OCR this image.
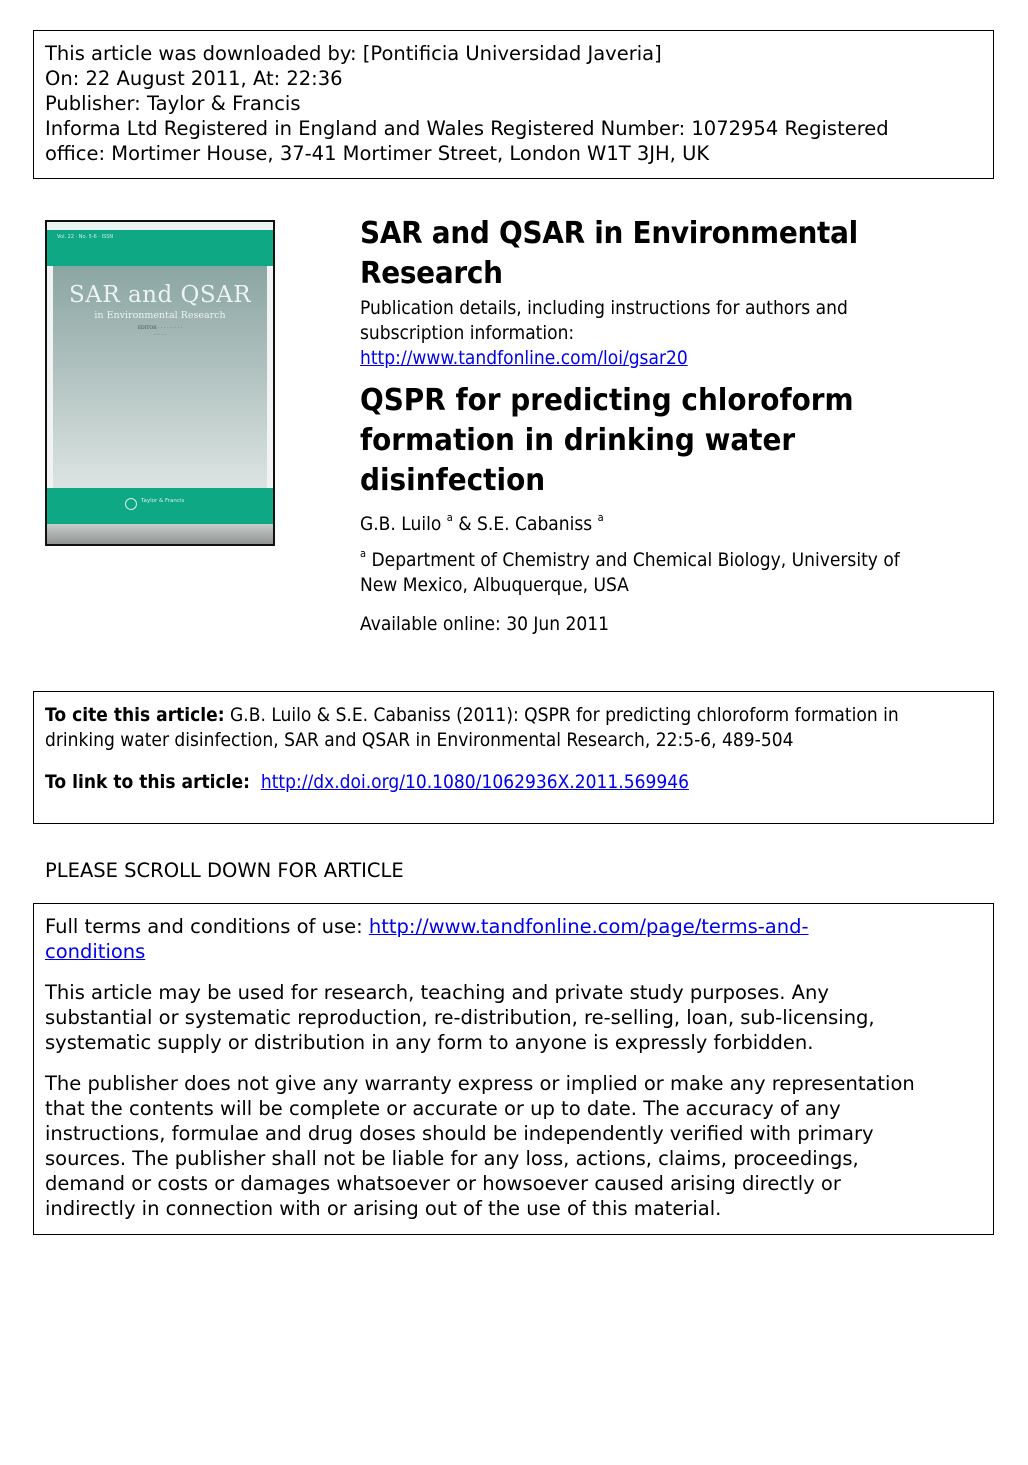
This article was downloaded by: [Pontificia Universidad Javeria]
On: 22 August 2011, At: 22:36
Publisher: Taylor & Francis
Informa Ltd Registered in England and Wales Registered Number: 1072954 Registered
office: Mortimer House, 37-41 Mortimer Street, London W1T 3JH, UK
Vol. 22 · No. 5-6 · ISSN
SAR and QSAR
in Environmental Research
EDITOR · · · · · · · · ·
· · · · ·
Taylor & Francis
SAR and QSAR in Environmental
Research
Publication details, including instructions for authors and
subscription information:
http://www.tandfonline.com/loi/gsar20
QSPR for predicting chloroform
formation in drinking water
disinfection
G.B. Luilo $^a$ & S.E. Cabaniss $^a$
$^a$ Department of Chemistry and Chemical Biology, University of
New Mexico, Albuquerque, USA
Available online: 30 Jun 2011
To cite this article: G.B. Luilo & S.E. Cabaniss (2011): QSPR for predicting chloroform formation in
drinking water disinfection, SAR and QSAR in Environmental Research, 22:5-6, 489-504
To link to this article: http://dx.doi.org/10.1080/1062936X.2011.569946
PLEASE SCROLL DOWN FOR ARTICLE

Full terms and conditions of use: http://www.tandfonline.com/page/terms-and-
conditions

This article may be used for research, teaching and private study purposes. Any
substantial or systematic reproduction, re-distribution, re-selling, loan, sub-licensing,
systematic supply or distribution in any form to anyone is expressly forbidden.

The publisher does not give any warranty express or implied or make any representation
that the contents will be complete or accurate or up to date. The accuracy of any
instructions, formulae and drug doses should be independently verified with primary
sources. The publisher shall not be liable for any loss, actions, claims, proceedings,
demand or costs or damages whatsoever or howsoever caused arising directly or
indirectly in connection with or arising out of the use of this material.
